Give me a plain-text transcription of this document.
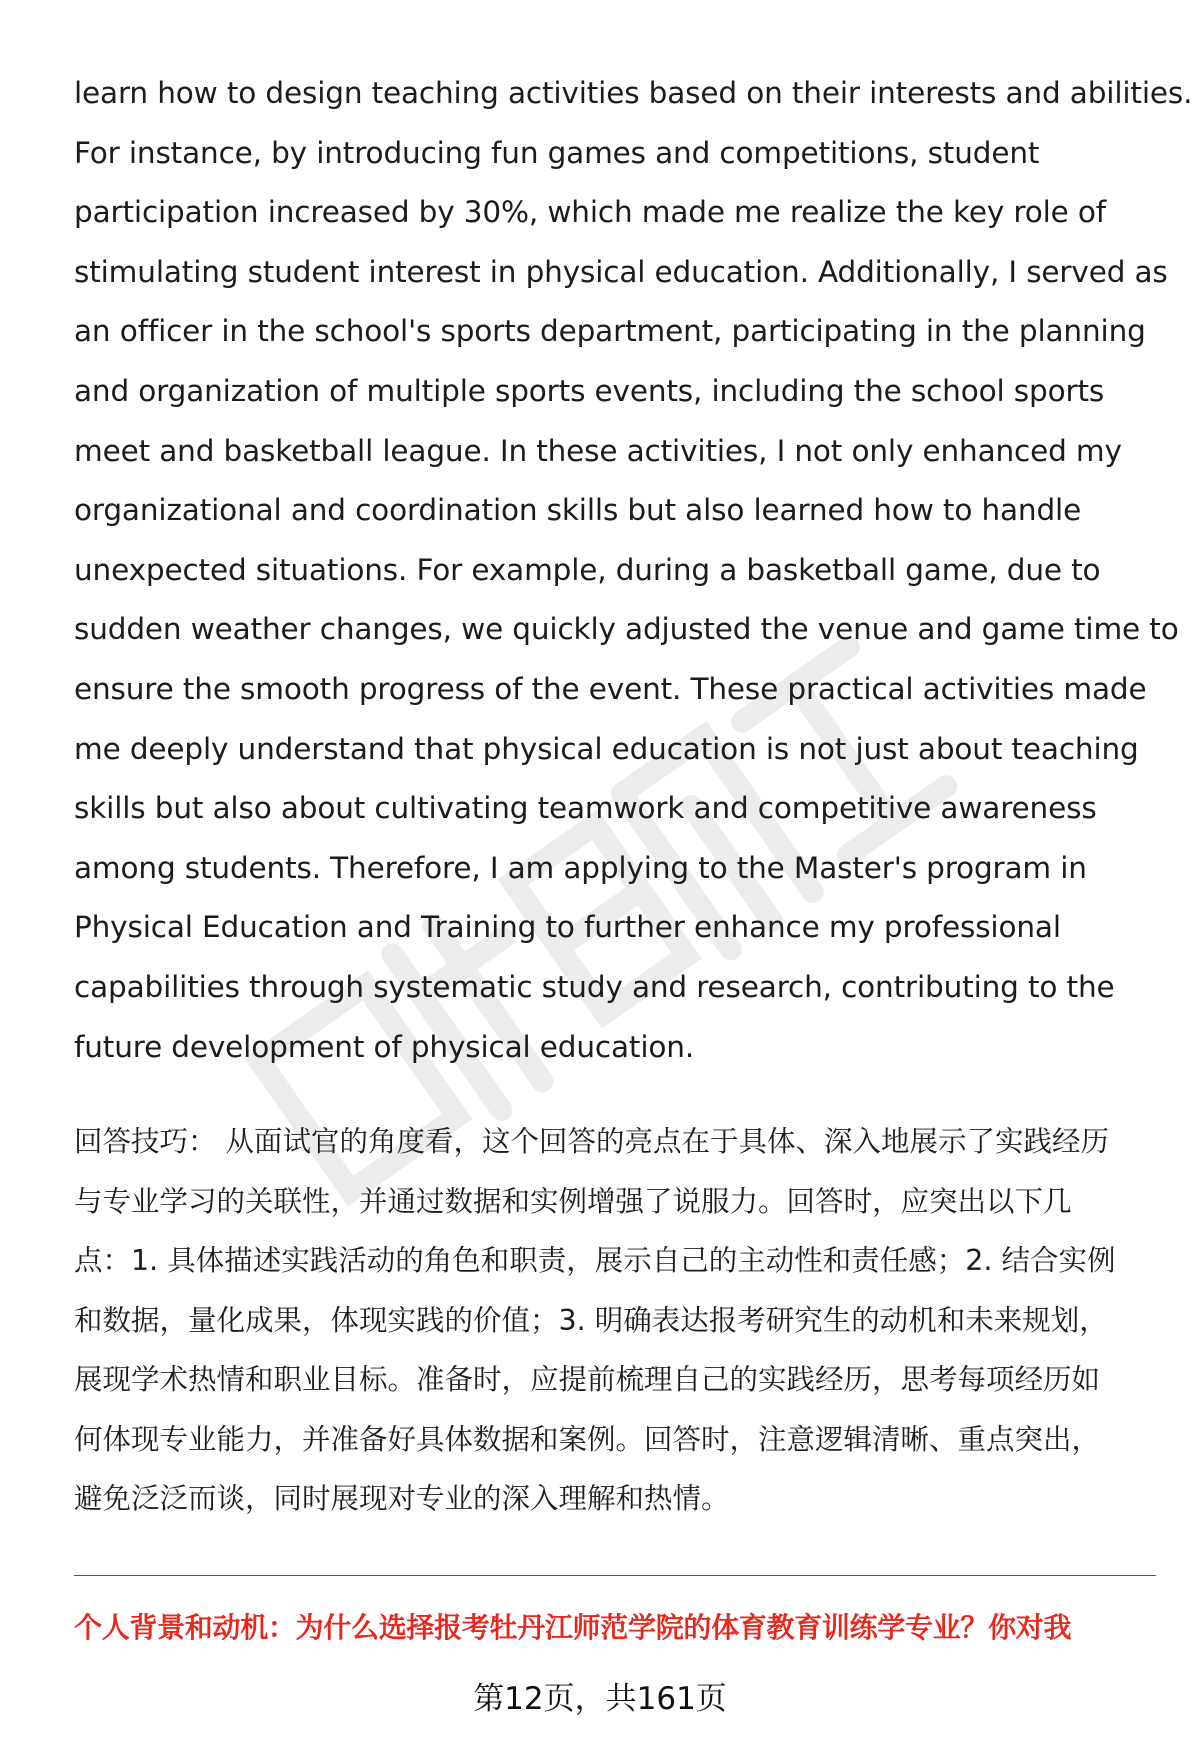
learn how to design teaching activities based on their interests and abilities.
For instance, by introducing fun games and competitions, student
participation increased by 30%, which made me realize the key role of
stimulating student interest in physical education. Additionally, I served as
an officer in the school's sports department, participating in the planning
and organization of multiple sports events, including the school sports
meet and basketball league. In these activities, I not only enhanced my
organizational and coordination skills but also learned how to handle
unexpected situations. For example, during a basketball game, due to
sudden weather changes, we quickly adjusted the venue and game time to
ensure the smooth progress of the event. These practical activities made
me deeply understand that physical education is not just about teaching
skills but also about cultivating teamwork and competitive awareness
among students. Therefore, I am applying to the Master's program in
Physical Education and Training to further enhance my professional
capabilities through systematic study and research, contributing to the
future development of physical education.
回答技巧： 从面试官的角度看，这个回答的亮点在于具体、深入地展示了实践经历
与专业学习的关联性，并通过数据和实例增强了说服力。回答时，应突出以下几
点：1. 具体描述实践活动的角色和职责，展示自己的主动性和责任感；2. 结合实例
和数据，量化成果，体现实践的价值；3. 明确表达报考研究生的动机和未来规划，
展现学术热情和职业目标。准备时，应提前梳理自己的实践经历，思考每项经历如
何体现专业能力，并准备好具体数据和案例。回答时，注意逻辑清晰、重点突出，
避免泛泛而谈，同时展现对专业的深入理解和热情。
个人背景和动机：为什么选择报考牡丹江师范学院的体育教育训练学专业？你对我
第12页，共161页
